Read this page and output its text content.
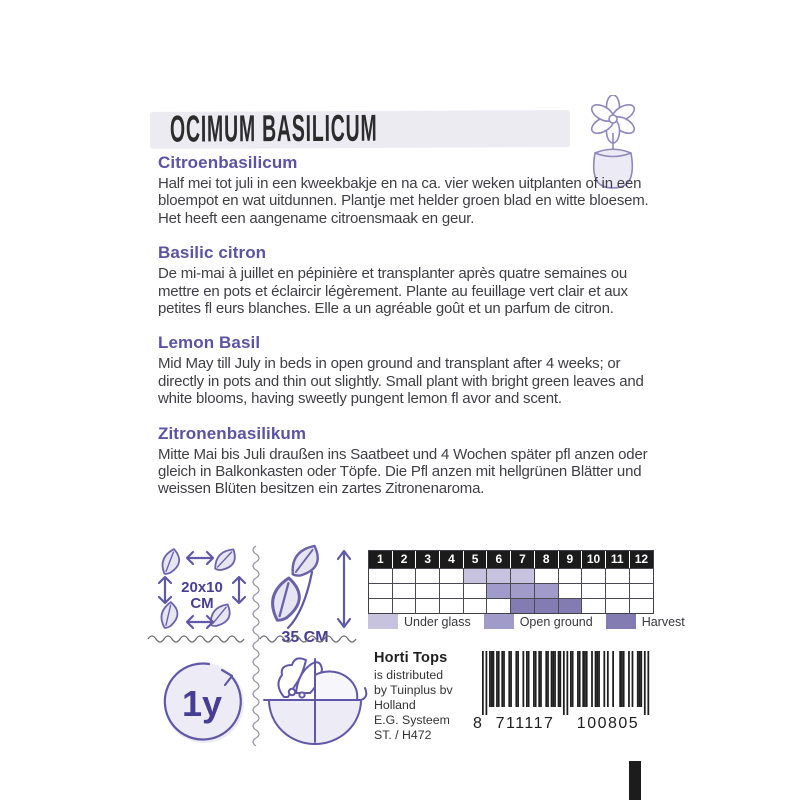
OCIMUM BASILICUM
Citroenbasilicum

Half mei tot juli in een kweekbakje en na ca. vier weken uitplanten of in een bloempot en wat uitdunnen. Plantje met helder groen blad en witte bloesem. Het heeft een aangename citroensmaak en geur.

Basilic citron

De mi-mai à juillet en pépinière et transplanter après quatre semaines ou mettre en pots et éclaircir légèrement. Plante au feuillage vert clair et aux petites fl eurs blanches. Elle a un agréable goût et un parfum de citron.

Lemon Basil

Mid May till July in beds in open ground and transplant after 4 weeks; or directly in pots and thin out slightly. Small plant with bright green leaves and white blooms, having sweetly pungent lemon fl avor and scent.

Zitronenbasilikum

Mitte Mai bis Juli draußen ins Saatbeet und 4 Wochen später pfl anzen oder gleich in Balkonkasten oder Töpfe. Die Pfl anzen mit hellgrünen Blätter und weissen Blüten besitzen ein zartes Zitronenaroma.

20x10
CM
35 CM
1y
1	2	3	4	5	6	7	8	9	10 11 12
Under glass	Open ground	Harvest
Horti Tops
is distributed
by Tuinplus bv
Holland
E.G. Systeem
ST. / H472
8 711117 100805
